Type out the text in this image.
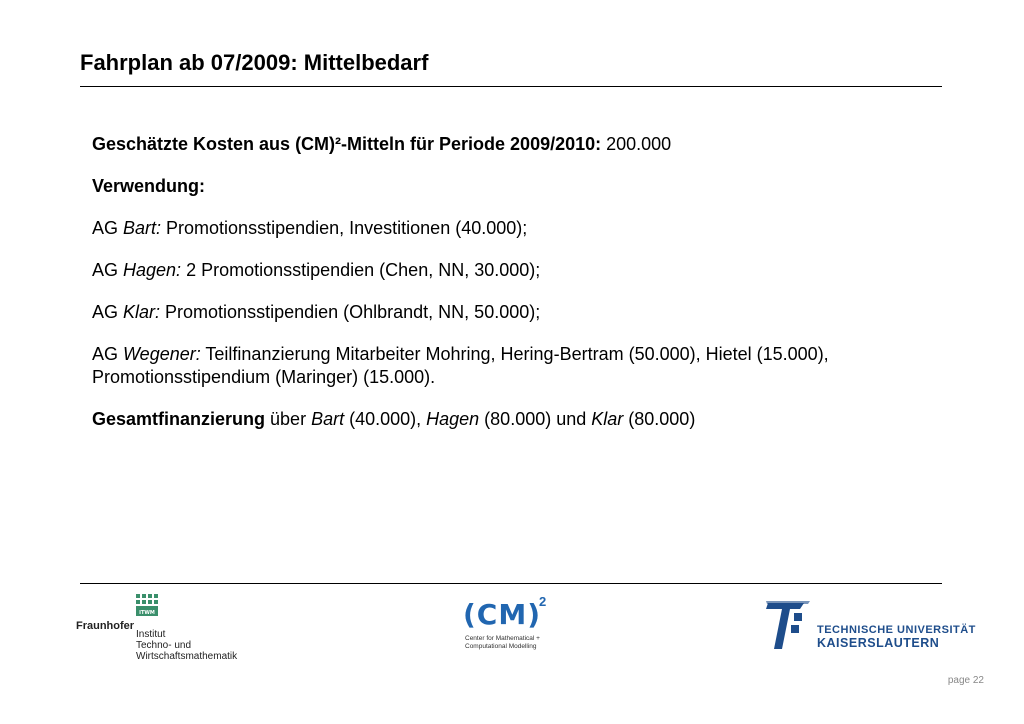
Fahrplan ab 07/2009: Mittelbedarf

Geschätzte Kosten aus (CM)²-Mitteln für Periode 2009/2010: 200.000

Verwendung:

AG Bart: Promotionsstipendien, Investitionen (40.000);

AG Hagen: 2 Promotionsstipendien (Chen, NN, 30.000);

AG Klar: Promotionsstipendien (Ohlbrandt, NN, 50.000);

AG Wegener: Teilfinanzierung Mitarbeiter Mohring, Hering-Bertram (50.000), Hietel (15.000), Promotionsstipendium (Maringer) (15.000).

Gesamtfinanzierung über Bart (40.000), Hagen (80.000) und Klar (80.000)

ITWM
Fraunhofer
Institut
Techno- und
Wirtschaftsmathematik
(CM)
2
Center for Mathematical +
Computational Modelling
TECHNISCHE UNIVERSITÄT
KAISERSLAUTERN
page 22
